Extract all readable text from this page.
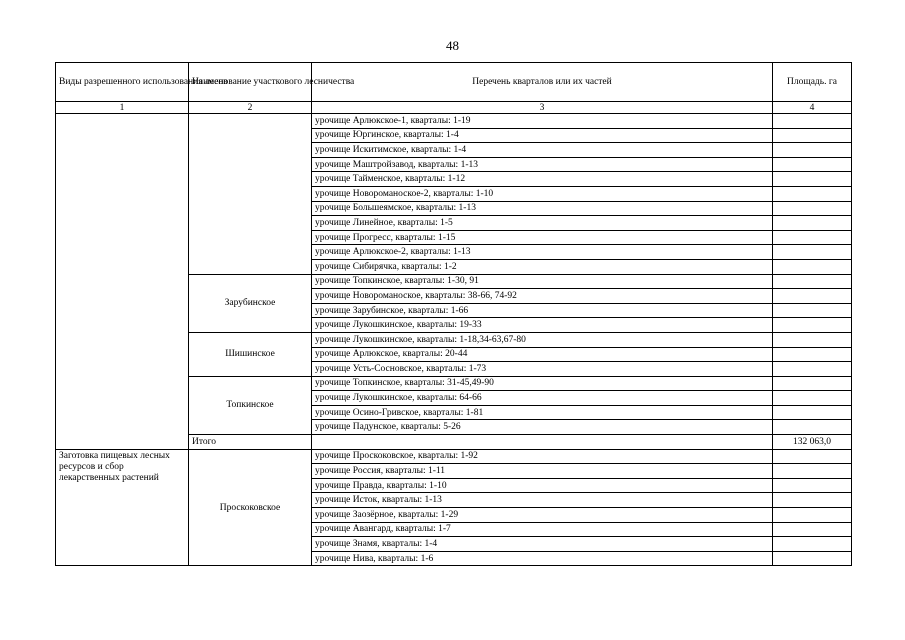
48
Виды разрешенного использования лесов	Наименование участкового лесничества	Перечень кварталов или их частей	Площадь. га
1	2	3	4
		урочище Арлюкское-1, кварталы: 1-19	
		урочище Юргинское, кварталы: 1-4	
		урочище Искитимское, кварталы: 1-4	
		урочище Маштройзавод, кварталы: 1-13	
		урочище Тайменское, кварталы: 1-12	
		урочище Новороманоское-2, кварталы: 1-10	
		урочище Большеямское, кварталы: 1-13	
		урочище Линейное, кварталы: 1-5	
		урочище Прогресс, кварталы: 1-15	
		урочище Арлюкское-2, кварталы: 1-13	
		урочище Сибирячка, кварталы: 1-2	
	Зарубинское	урочище Топкинское, кварталы: 1-30, 91	
		урочище Новороманоское, кварталы: 38-66, 74-92	
		урочище Зарубинское, кварталы: 1-66	
		урочище Лукошкинское, кварталы: 19-33	
	Шишинское	урочище Лукошкинское, кварталы: 1-18,34-63,67-80	
		урочище Арлюкское, кварталы: 20-44	
		урочище Усть-Сосновское, кварталы: 1-73	
	Топкинское	урочище Топкинское, кварталы: 31-45,49-90	
		урочище Лукошкинское, кварталы: 64-66	
		урочище Осино-Гривское, кварталы: 1-81	
		урочище Падунское, кварталы: 5-26	
	Итого		132 063,0
Заготовка пищевых лесных ресурсов и сбор лекарственных растений	Проскоковское	урочище Проскоковское, кварталы: 1-92	
		урочище Россия, кварталы: 1-11	
		урочище Правда, кварталы: 1-10	
		урочище Исток, кварталы: 1-13	
		урочище Заозёрное, кварталы: 1-29	
		урочище Авангард, кварталы: 1-7	
		урочище Знамя, кварталы: 1-4	
		урочище Нива, кварталы: 1-6	
